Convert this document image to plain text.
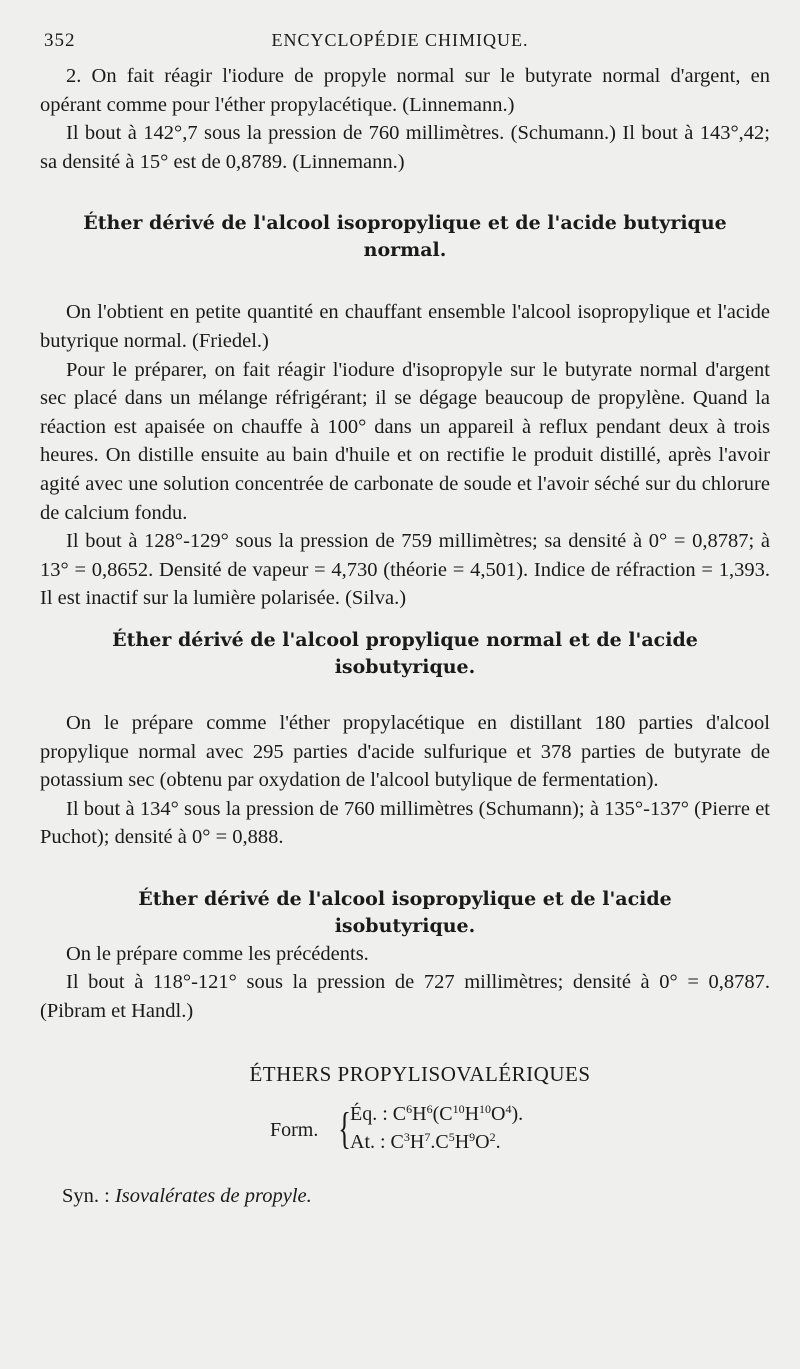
352	ENCYCLOPÉDIE CHIMIQUE.

2. On fait réagir l'iodure de propyle normal sur le butyrate normal d'argent, en opérant comme pour l'éther propylacétique. (Linnemann.)

Il bout à 142°,7 sous la pression de 760 millimètres. (Schumann.) Il bout à 143°,42; sa densité à 15° est de 0,8789. (Linnemann.)

Éther dérivé de l'alcool isopropylique et de l'acide butyrique normal.

On l'obtient en petite quantité en chauffant ensemble l'alcool isopropylique et l'acide butyrique normal. (Friedel.)

Pour le préparer, on fait réagir l'iodure d'isopropyle sur le butyrate normal d'argent sec placé dans un mélange réfrigérant; il se dégage beaucoup de propylène. Quand la réaction est apaisée on chauffe à 100° dans un appareil à reflux pendant deux à trois heures. On distille ensuite au bain d'huile et on rectifie le produit distillé, après l'avoir agité avec une solution concentrée de carbonate de soude et l'avoir séché sur du chlorure de calcium fondu.

Il bout à 128°-129° sous la pression de 759 millimètres; sa densité à 0° = 0,8787; à 13° = 0,8652. Densité de vapeur = 4,730 (théorie = 4,501). Indice de réfraction = 1,393. Il est inactif sur la lumière polarisée. (Silva.)

Éther dérivé de l'alcool propylique normal et de l'acide isobutyrique.

On le prépare comme l'éther propylacétique en distillant 180 parties d'alcool propylique normal avec 295 parties d'acide sulfurique et 378 parties de butyrate de potassium sec (obtenu par oxydation de l'alcool butylique de fermentation).

Il bout à 134° sous la pression de 760 millimètres (Schumann); à 135°-137° (Pierre et Puchot); densité à 0° = 0,888.

Éther dérivé de l'alcool isopropylique et de l'acide isobutyrique.

On le prépare comme les précédents.

Il bout à 118°-121° sous la pression de 727 millimètres; densité à 0° = 0,8787. (Pibram et Handl.)

ÉTHERS PROPYLISOVALÉRIQUES
Form. { Éq. : $C^6H^6(C^{10}H^{10}O^4)$.
At. : $C^3H^7.C^5H^9O^2$.
Syn. : Isovalérates de propyle.
